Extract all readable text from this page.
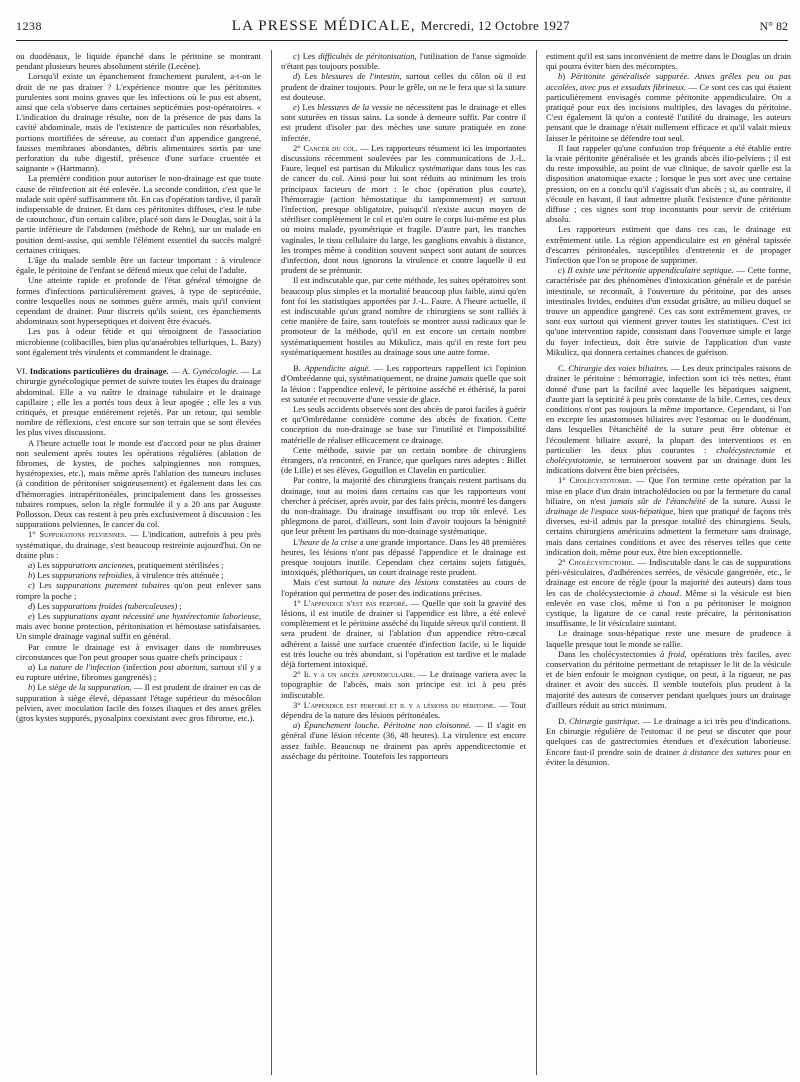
1238	LA PRESSE MÉDICALE, Mercredi, 12 Octobre 1927	N° 82

ou duodénaux, le liquide épanché dans le péritoine se montrant pendant plusieurs heures absolument stérile (Lecène).

Lorsqu'il existe un épanchement franchement purulent, a-t-on le droit de ne pas drainer ? L'expérience montre que les péritonites purulentes sont moins graves que les infections où le pus est absent, ainsi que cela s'observe dans certaines septicémies post-opératoires. « L'indication du drainage résulte, non de la présence de pus dans la cavité abdominale, mais de l'existence de particules non résorbables, portions mortifiées de séreuse, au contact d'un appendice gangrené, fausses membranes abondantes, débris alimentaires sortis par une perforation du tube digestif, présence d'une surface cruentée et saignante » (Hartmann).

La première condition pour autoriser le non-drainage est que toute cause de réinfection ait été enlevée. La seconde condition, c'est que le malade soit opéré suffisamment tôt. En cas d'opération tardive, il paraît indispensable de drainer. Et dans ces péritonites diffuses, c'est le tube de caoutchouc, d'un certain calibre, placé soit dans le Douglas, soit à la partie inférieure de l'abdomen (méthode de Rehn), sur un malade en position demi-assise, qui semble l'élément essentiel du succès malgré certaines critiques.

L'âge du malade semble être un facteur important : à virulence égale, le péritoine de l'enfant se défend mieux que celui de l'adulte.

Une atteinte rapide et profonde de l'état général témoigne de formes d'infections particulièrement graves, à type de septicémie, contre lesquelles nous ne sommes guère armés, mais qu'il convient cependant de drainer. Pour discrets qu'ils soient, ces épanchements abdominaux sont hyperseptiques et doivent être évacués.

Les pus à odeur fétide et qui témoignent de l'association microbienne (colibacilles, bien plus qu'anaérobies telluriques, L. Bazy) sont également très virulents et commandent le drainage.

VI. Indications particulières du drainage. — A. Gynécologie. — La chirurgie gynécologique permet de suivre toutes les étapes du drainage abdominal. Elle a vu naître le drainage tubulaire et le drainage capillaire ; elle les a portés tous deux à leur apogée ; elle les a vus critiqués, et presque entièrement rejetés. Par un retour, qui semble nombre de réflexions, c'est encore sur son terrain que se sont élevées les plus vives discussions.

A l'heure actuelle tout le monde est d'accord pour ne plus drainer non seulement après toutes les opérations régulières (ablation de fibromes, de kystes, de poches salpingiennes non rompues, hystéropexies, etc.), mais même après l'ablation des tumeurs incluses (à condition de péritoniser soigneusement) et également dans les cas d'hémorragies intrapéritonéales, principalement dans les grossesses tubaires rompues, selon la règle formulée il y a 20 ans par Auguste Pollosson. Deux cas restent à peu près exclusivement à discussion : les suppurations pelviennes, le cancer du col.

1° Suppurations pelviennes. — L'indication, autrefois à peu près systématique, du drainage, s'est beaucoup restreinte aujourd'hui. On ne draine plus :

a) Les suppurations anciennes, pratiquement stérilisées ;

b) Les suppurations refroidies, à virulence très atténuée ;

c) Les suppurations purement tubaires qu'on peut enlever sans rompre la poche ;

d) Les suppurations froides (tuberculeuses) ;

e) Les suppurations ayant nécessité une hystérectomie laborieuse, mais avec bonne protection, péritonisation et hémostase satisfaisantes. Un simple drainage vaginal suffit en général.

Par contre le drainage est à envisager dans de nombreuses circonstances que l'on peut grouper sous quatre chefs principaux :

a) La nature de l'infection (infection post abortum, surtout s'il y a eu rupture utérine, fibromes gangrenés) ;

b) Le siège de la suppuration. — Il est prudent de drainer en cas de suppuration à siège élevé, dépassant l'étage supérieur du mésocôlon pelvien, avec inoculation facile des fosses iliaques et des anses grêles (gros kystes suppurés, pyosalpinx coexistant avec gros fibrome, etc.).

c) Les difficultés de péritonisation, l'utilisation de l'anse sigmoïde n'étant pas toujours possible.

d) Les blessures de l'intestin, surtout celles du côlon où il est prudent de drainer toujours. Pour le grêle, on ne le fera que si la suture est douteuse.

e) Les blessures de la vessie ne nécessitent pas le drainage et elles sont suturées en tissus sains. La sonde à demeure suffit. Par contre il est prudent d'isoler par des mèches une suture pratiquée en zone infectée.

2° Cancer du col. — Les rapporteurs résument ici les importantes discussions récemment soulevées par les communications de J.-L. Faure, lequel est partisan du Mikulicz systématique dans tous les cas de cancer du col. Ainsi pour lui sont réduits au minimum les trois principaux facteurs de mort : le choc (opération plus courte), l'hémorragie (action hémostatique du tamponnement) et surtout l'infection, presque obligatoire, puisqu'il n'existe aucun moyen de stériliser complètement le col et qu'en outre le corps lui-même est plus ou moins malade, pyométrique et fragile. D'autre part, les tranches vaginales, le tissu cellulaire du large, les ganglions envahis à distance, les trompes même à condition souvent suspect sont autant de sources d'infection, dont nous ignorons la virulence et contre laquelle il est prudent de se prémunir.

Il est indiscutable que, par cette méthode, les suites opératoires sont beaucoup plus simples et la mortalité beaucoup plus faible, ainsi qu'en font foi les statistiques apportées par J.-L. Faure. A l'heure actuelle, il est indiscutable qu'un grand nombre de chirurgiens se sont ralliés à cette manière de faire, sans toutefois se montrer aussi radicaux que le promoteur de la méthode, qu'il en est encore un certain nombre systématiquement hostiles au Mikulicz, mais qu'il en reste fort peu systématiquement hostiles au drainage sous une autre forme.

B. Appendicite aiguë. — Les rapporteurs rappellent ici l'opinion d'Ombrédanne qui, systématiquement, ne draine jamais quelle que soit la lésion : l'appendice enlevé, le péritoine asséché et éthérisé, la paroi est suturée et recouverte d'une vessie de glace.

Les seuls accidents observés sont des abcès de paroi faciles à guérir et qu'Ombrédanne considère comme des abcès de fixation. Cette conception du non-drainage se base sur l'inutilité et l'impossibilité matérielle de réaliser efficacement ce drainage.

Cette méthode, suivie par un certain nombre de chirurgiens étrangers, n'a rencontré, en France, que quelques rares adeptes : Billet (de Lille) et ses élèves, Goguillon et Clavelin en particulier.

Par contre, la majorité des chirurgiens français restent partisans du drainage, tout au moins dans certains cas que les rapporteurs vont chercher à préciser, après avoir, par des faits précis, montré les dangers du non-drainage. Du drainage insuffisant ou trop tôt enlevé. Les phlegmons de paroi, d'ailleurs, sont loin d'avoir toujours la bénignité que leur prêtent les partisans du non-drainage systématique.

L'heure de la crise a une grande importance. Dans les 48 premières heures, les lésions n'ont pas dépassé l'appendice et le drainage est presque toujours inutile. Cependant chez certains sujets fatigués, intoxiqués, pléthoriques, un court drainage reste prudent.

Mais c'est surtout la nature des lésions constatées au cours de l'opération qui permettra de poser des indications précises.

1° L'appendice n'est pas perforé. — Quelle que soit la gravité des lésions, il est inutile de drainer si l'appendice est libre, a été enlevé complètement et le péritoine asséché du liquide séreux qu'il contient. Il sera prudent de drainer, si l'ablation d'un appendice rétro-cæcal adhérent a laissé une surface cruentée d'infection facile, si le liquide est très louche ou très abondant, si l'opération est tardive et le malade déjà fortement intoxiqué.

2° Il y a un abcès appendiculaire. — Le drainage variera avec la topographie de l'abcès, mais son principe est ici à peu près indiscutable.

3° L'appendice est perforé et il y a lésions du péritoine. — Tout dépendra de la nature des lésions péritonéales.

a) Épanchement louche. Péritoine non cloisonné. — Il s'agit en général d'une lésion récente (36, 48 heures). La virulence est encore assez faible. Beaucoup ne drainent pas après appendicectomie et asséchage du péritoine. Toutefois les rapporteurs

estiment qu'il est sans inconvénient de mettre dans le Douglas un drain qui pourra éviter bien des mécomptes.

b) Péritonite généralisée suppurée. Anses grêles peu ou pas accolées, avec pus et exsudats fibrineux. — Ce sont ces cas qui étaient particulièrement envisagés comme péritonite appendiculaire. On a pratiqué pour eux des incisions multiples, des lavages du péritoine. C'est également là qu'on a contesté l'utilité du drainage, les auteurs pensant que le drainage n'était nullement efficace et qu'il valait mieux laisser le péritoine se défendre tout seul.

Il faut rappeler qu'une confusion trop fréquente a été établie entre la vraie péritonite généralisée et les grands abcès ilio-pelviens ; il est du reste impossible, au point de vue clinique, de savoir quelle est la disposition anatomique exacte ; lorsque le pus sort avec une certaine pression, on en a conclu qu'il s'agissait d'un abcès ; si, au contraire, il s'écoule en bavant, il faut admettre plutôt l'existence d'une péritonite diffuse ; ces signes sont trop inconstants pour servir de critérium absolu.

Les rapporteurs estiment que dans ces cas, le drainage est extrêmement utile. La région appendiculaire est en général tapissée d'escarres péritonéales, susceptibles d'entretenir et de propager l'infection que l'on se propose de supprimer.

c) Il existe une péritonite appendiculaire septique. — Cette forme, caractérisée par des phénomènes d'intoxication générale et de parésie intestinale, se reconnaît, à l'ouverture du péritoine, par des anses intestinales livides, enduites d'un exsudat grisâtre, au milieu duquel se trouve un appendice gangrené. Ces cas sont extrêmement graves, ce sont eux surtout qui viennent grever toutes les statistiques. C'est ici qu'une intervention rapide, consistant dans l'ouverture simple et large du foyer infectieux, doit être suivie de l'application d'un vaste Mikulicz, qui donnera certaines chances de guérison.

C. Chirurgie des voies biliaires. — Les deux principales raisons de drainer le péritoine : hémorragie, infection sont ici très nettes, étant donné d'une part la facilité avec laquelle les hépatiques saignent, d'autre part la septicité à peu près constante de la bile. Certes, ces deux conditions n'ont pas toujours la même importance. Cependant, si l'on en excepte les anastomoses biliaires avec l'estomac ou le duodénum, dans lesquelles l'étanchéité de la suture peut être obtenue et l'écoulement biliaire assuré, la plupart des interventions et en particulier les deux plus courantes : cholécystectomie et cholécystotomie, se termineront souvent par un drainage dont les indications doivent être bien précisées.

1° Cholécystotomie. — Que l'on termine cette opération par la mise en place d'un drain intracholédocien ou par la fermeture du canal biliaire, on n'est jamais sûr de l'étanchéité de la suture. Aussi le drainage de l'espace sous-hépatique, bien que pratiqué de façons très diverses, est-il admis par la presque totalité des chirurgiens. Seuls, certains chirurgiens américains admettent la fermeture sans drainage, mais dans certaines conditions et avec des réserves telles que cette indication doit, même pour eux, être bien exceptionnelle.

2° Cholécystectomie. — Indiscutable dans le cas de suppurations péri-vésiculaires, d'adhérences serrées, de vésicule gangrenée, etc., le drainage est encore de règle (pour la majorité des auteurs) dans tous les cas de cholécystectomie à chaud. Même si la vésicule est bien enlevée en vase clos, même si l'on a pu péritoniser le moignon cystique, la ligature de ce canal reste précaire, la péritonisation insuffisante, le lit vésiculaire suintant.

Le drainage sous-hépatique reste une mesure de prudence à laquelle presque tout le monde se rallie.

Dans les cholécystectomies à froid, opérations très faciles, avec conservation du péritoine permettant de retapisser le lit de la vésicule et de bien enfouir le moignon cystique, on peut, à la rigueur, ne pas drainer et avoir des succès. Il semble toutefois plus prudent à la majorité des auteurs de conserver pendant quelques jours un drainage d'ailleurs réduit au strict minimum.

D. Chirurgie gastrique. — Le drainage a ici très peu d'indications. En chirurgie régulière de l'estomac il ne peut se discuter que pour quelques cas de gastrectomies étendues et d'exécution laborieuse. Encore faut-il prendre soin de drainer à distance des sutures pour en éviter la désunion.
